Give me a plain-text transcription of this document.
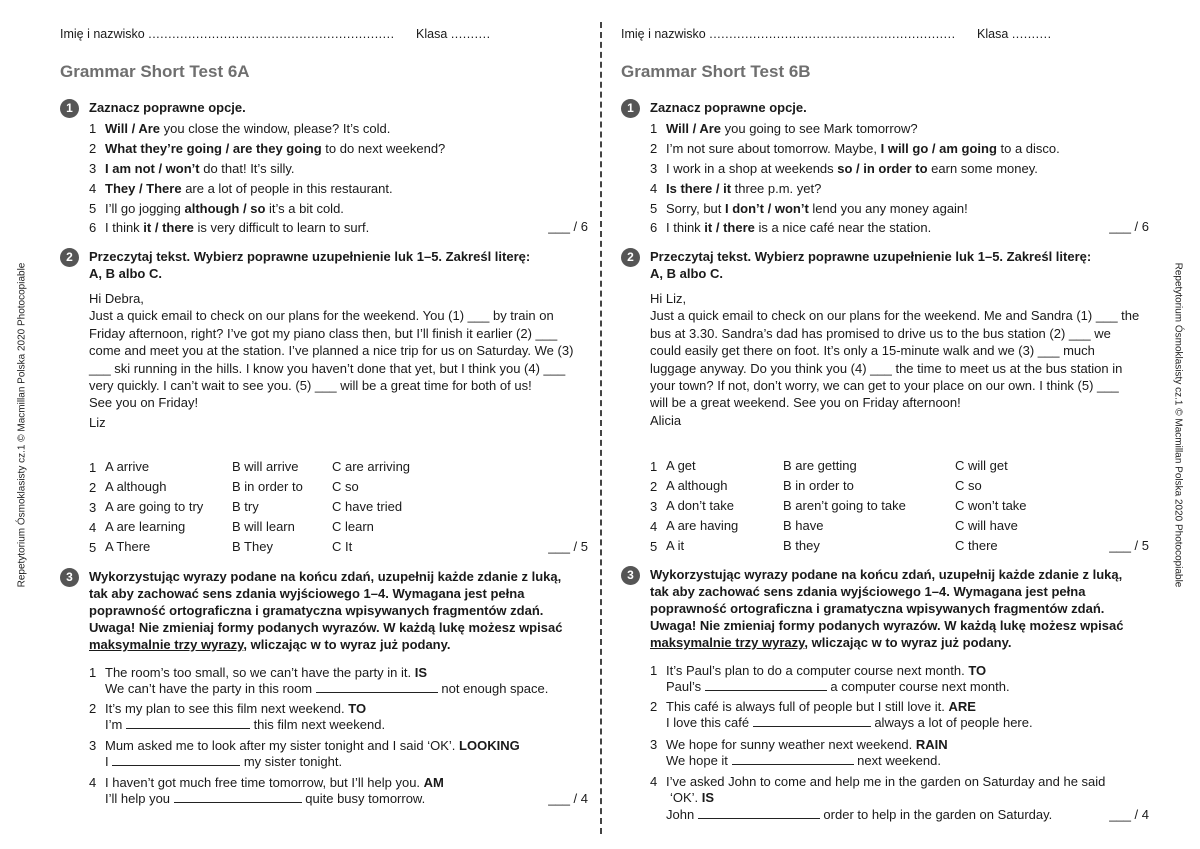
Repetytorium Ósmoklasisty cz.1 © Macmillan Polska 2020 Photocopiable	Repetytorium Ósmoklasisty cz.1 © Macmillan Polska 2020 Photocopiable
Imię i nazwisko .............................................................. Klasa ..........
Grammar Short Test 6A
1	Zaznacz poprawne opcje.
1 Will / Are you close the window, please? It’s cold.
2 What they’re going / are they going to do next weekend?
3 I am not / won’t do that! It’s silly.
4 They / There are a lot of people in this restaurant.
5 I’ll go jogging although / so it’s a bit cold.
6 I think it / there is very difficult to learn to surf.	___ / 6
2	Przeczytaj tekst. Wybierz poprawne uzupełnienie luk 1–5. Zakreśl literę:
A, B albo C.
Hi Debra,
Just a quick email to check on our plans for the weekend. You (1) ___ by train on Friday afternoon, right? I’ve got my piano class then, but I’ll finish it earlier (2) ___ come and meet you at the station. I’ve planned a nice trip for us on Saturday. We (3) ___ ski running in the hills. I know you haven’t done that yet, but I think you (4) ___ very quickly. I can’t wait to see you. (5) ___ will be a great time for both of us!
See you on Friday!
Liz
1 A arrive	B will arrive	C are arriving
2 A although	B in order to C so
3 A are going to try B try	C have tried
4 A are learning	B will learn	C learn
5 A There	B They	C It	___ / 5
3	Wykorzystując wyrazy podane na końcu zdań, uzupełnij każde zdanie z luką,
tak aby zachować sens zdania wyjściowego 1–4. Wymagana jest pełna
poprawność ortograficzna i gramatyczna wpisywanych fragmentów zdań.
Uwaga! Nie zmieniaj formy podanych wyrazów. W każdą lukę możesz wpisać
maksymalnie trzy wyrazy, wliczając w to wyraz już podany.
1 The room’s too small, so we can’t have the party in it. IS
We can’t have the party in this room	not enough space.
2 It’s my plan to see this film next weekend. TO
I’m	this film next weekend.
3 Mum asked me to look after my sister tonight and I said ‘OK’. LOOKING
I	my sister tonight.
4 I haven’t got much free time tomorrow, but I’ll help you. AM
I’ll help you	quite busy tomorrow.	___ / 4
Imię i nazwisko .............................................................. Klasa ..........
Grammar Short Test 6B
1	Zaznacz poprawne opcje.
1 Will / Are you going to see Mark tomorrow?
2 I’m not sure about tomorrow. Maybe, I will go / am going to a disco.
3 I work in a shop at weekends so / in order to earn some money.
4 Is there / it three p.m. yet?
5 Sorry, but I don’t / won’t lend you any money again!
6 I think it / there is a nice café near the station.	___ / 6
2	Przeczytaj tekst. Wybierz poprawne uzupełnienie luk 1–5. Zakreśl literę:
A, B albo C.
Hi Liz,
Just a quick email to check on our plans for the weekend. Me and Sandra (1) ___ the bus at 3.30. Sandra’s dad has promised to drive us to the bus station (2) ___ we could easily get there on foot. It’s only a 15-minute walk and we (3) ___ much luggage anyway. Do you think you (4) ___ the time to meet us at the bus station in your town? If not, don’t worry, we can get to your place on our own. I think (5) ___ will be a great weekend. See you on Friday afternoon!
Alicia
1 A get	B are getting	C will get
2 A although	B in order to	C so
3 A don’t take	B aren’t going to take	C won’t take
4 A are having	B have	C will have
5 A it	B they	C there	___ / 5
3	Wykorzystując wyrazy podane na końcu zdań, uzupełnij każde zdanie z luką,
tak aby zachować sens zdania wyjściowego 1–4. Wymagana jest pełna
poprawność ortograficzna i gramatyczna wpisywanych fragmentów zdań.
Uwaga! Nie zmieniaj formy podanych wyrazów. W każdą lukę możesz wpisać
maksymalnie trzy wyrazy, wliczając w to wyraz już podany.
1 It’s Paul’s plan to do a computer course next month. TO
Paul’s	a computer course next month.
2 This café is always full of people but I still love it. ARE
I love this café	always a lot of people here.
3 We hope for sunny weather next weekend. RAIN
We hope it	next weekend.
4 I’ve asked John to come and help me in the garden on Saturday and he said
‘OK’. IS
John	order to help in the garden on Saturday.	___ / 4
